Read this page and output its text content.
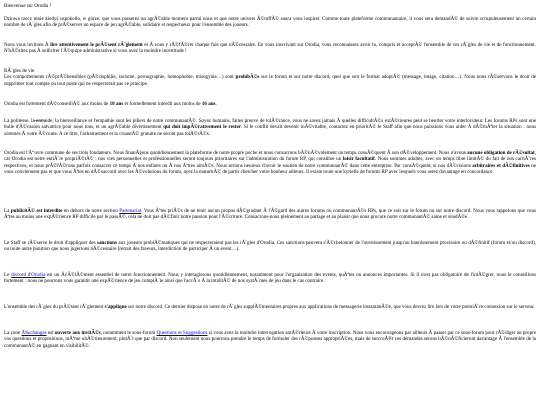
Bienvenue sur Orodia !

Dzinwa rzecz mnie kiedyś uspokoiła, w górze. que vous passerez un agrÃ©able moment parmi nous et que notre univers Ã©toffÃ© saura vous inspirer. Comme toute plateforme communautaire, il vous sera demandÃ© de suivre scrupuleusement un certain nombre de rÃ¨gles afin de prÃ©server un espace de jeu agrÃ©able, solidaire et respectueux pour l'ensemble des joueurs.

Nous vous invitons Ã lire attentivement le prÃ©sent rÃ¨glement et Ã vous y rÃ©fÃ©rer chaque fois que nÃ©cessaire. En vous inscrivant sur Orodia, vous reconnaissez avoir lu, compris et acceptÃ© l'ensemble de ces rÃ¨gles de vie et de fonctionnement. N'hÃ©sitez pas Ã solliciter l'Ã©quipe administrative si vous avez la moindre incertitude !

RÃ¨gles de vie
Les comportements rÃ©prÃ©hensibles (pÃ©dophilie, racisme, pornographie, homophobie, misogynie…) sont prohibÃ©s sur le forum et sur notre discord, quel que soit le format adoptÃ© (message, image, citation…). Nous nous rÃ©servons le droit de supprimer tout compte ou tout poste qui ne respecterait pas ce principe.

Orodia est fortement dÃ©conseillÃ© aux moins de 18 ans et formellement interdit aux moins de 16 ans.

La politesse, la̶ ̶e̶n̶tr̶aide, la bienveillance et l'empathie sont les piliers de notre communautÃ©. Soyez humains, faites preuve de tolÃ©rance, vous ne savez jamais Ã quelles difficultÃ©s extÃ©rieures peut se heurter votre interlocuteur. Les forums RPs sont une bulle d'Ã©vasion salvatrice pour nous tous, et un agrÃ©able divertissement qui doit impÃ©rativement le rester. Si le conflit devait devenir inÃ©vitable, contactez en prioritÃ© le Staff afin que nous puissions vous aider Ã dÃ©mÃªler la situation : nous sommes Ã votre Ã©coute. A ce titre, l'acharnement et la cruautÃ© gratuite ne seront pas tolÃ©rÃ©s.

Orodia est l'Å“uvre commune de ses trois fondateurs. Nous finanÃ§ons quotidiennement la plateforme de notre propre poche et nous consacrons bÃ©nÃ©volement un temps consÃ©quent Ã son dÃ©veloppement. Nous n'avons aucune obligation de rÃ©sultat, car Orodia est notre entiÃ¨re propriÃ©tÃ© : nos vies personnelles et professionnelles seront toujours prioritaires sur l'administration du forum RP, qui constitue un loisir facultatif. Nous sommes adultes, avec un temps libre limitÃ© du fait de nos carriÃ¨res respectives, et nous prÃ©fÃ©rons parfois consacrer ce temps Ã nos enfants ou Ã nos Ãªtres aimÃ©s. Nous serions heureux d'avoir le soutien de notre communautÃ© dans cette entreprise. Par consÃ©quent, si nos dÃ©cisions arbitraires et dÃ©finitives ne vous conviennent pas et que vous Ãªtes en dÃ©saccord avec les Ã©volutions du forum, ayez la maturitÃ© de partir chercher votre bonheur ailleurs. Il existe toute une kyrielle de forums RP avec lesquels vous serez davantage en concordance.

La publicitÃ© est interdite en dehors de notre section Partenariat. Vous Ãªtes priÃ©s de ne tenir aucun propos dÃ©gradant Ã l'Ã©gard des autres forums ou communautÃ©s RPs, que ce soit sur le forum ou sur notre discord. Nous vous rappelons que vous Ãªtes au moins une expÃ©rience RP difficile par le passÃ©, cela ne doit pas dÃ©finir notre passion pour l'Ã©criture. Consacrons-nous pleinement au partage et au plaisir que nous procure notre communautÃ© saine et soudÃ©e.

Le Staff se rÃ©serve le droit d'appliquer des sanctions aux joueurs problÃ©matiques qui ne respecteraient pas les rÃ¨gles d'Orodia. Ces sanctions peuvent s'Ã©chelonner de l'avertissement jusqu'au bannissement provisoire ou dÃ©finitif (forum et/ou discord), ou toute autre punition que nous jugerions nÃ©cessaire (retrait des faveurs, interdiction de participer Ã un event…).

Le discord d'Orodia est un ÃƒÂ©lÃ©ment essentiel de notre fonctionnement. Nous y interagissons quotidiennement, notamment pour l'organisation des events, quÃªtes ou annonces importantes. Si il n'est pas obligatoire de l'intÃ©grer, nous le conseillons fortement : nous ne pourrons vous garantir une expÃ©rience de jeu complÃ¨te ainsi que l'accÃ¨s Ã la totalitÃ© de nos systÃ¨mes de jeu dans le cas contraire.

L'ensemble des rÃ¨gles du prÃ©sent rÃ¨glement s'applique sur notre discord. Ce dernier dispose en outre de rÃ¨gles supplÃ©mentaires propres aux applications de messagerie instantanÃ©e, que vous devrez lire lors de votre premiÃ¨re connexion sur le serveur.

La zone Ã‰changes est ouverte aux invitÃ©s, notamment le sous-forum Questions et Suggestions si vous avez la moindre interrogation antÃ©rieure Ã votre inscription. Nous vous encourageons par ailleurs Ã passer par ce sous-forum pour rÃ©diger au propre vos questions et propositions, mÃªme ultÃ©rieurement, plutÃ´t que par discord. Non seulement nous pourrons prendre le temps de formuler des rÃ©ponses appropriÃ©es, mais de surcroÃ®t ces demandes serons bÃ©nÃ©ficieront davantage Ã l'ensemble de la communautÃ© en gagnant en visibilitÃ©.
